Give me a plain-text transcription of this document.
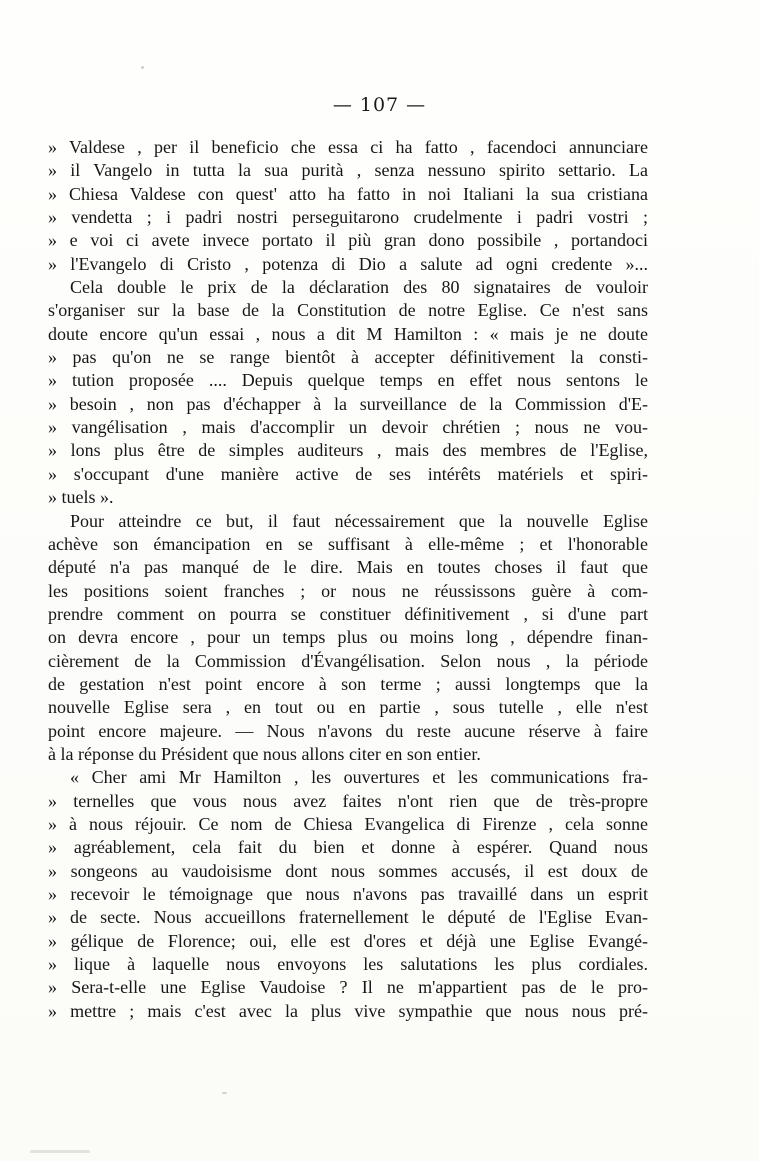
— 107 —
» Valdese , per il beneficio che essa ci ha fatto , facendoci annunciare
» il Vangelo in tutta la sua purità , senza nessuno spirito settario. La
» Chiesa Valdese con quest' atto ha fatto in noi Italiani la sua cristiana
» vendetta ; i padri nostri perseguitarono crudelmente i padri vostri ;
» e voi ci avete invece portato il più gran dono possibile , portandoci
» l'Evangelo di Cristo , potenza di Dio a salute ad ogni credente »...
Cela double le prix de la déclaration des 80 signataires de vouloir
s'organiser sur la base de la Constitution de notre Eglise. Ce n'est sans
doute encore qu'un essai , nous a dit M Hamilton : « mais je ne doute
» pas qu'on ne se range bientôt à accepter définitivement la consti-
» tution proposée .... Depuis quelque temps en effet nous sentons le
» besoin , non pas d'échapper à la surveillance de la Commission d'E-
» vangélisation , mais d'accomplir un devoir chrétien ; nous ne vou-
» lons plus être de simples auditeurs , mais des membres de l'Eglise,
» s'occupant d'une manière active de ses intérêts matériels et spiri-
» tuels ».
Pour atteindre ce but, il faut nécessairement que la nouvelle Eglise
achève son émancipation en se suffisant à elle-même ; et l'honorable
député n'a pas manqué de le dire. Mais en toutes choses il faut que
les positions soient franches ; or nous ne réussissons guère à com-
prendre comment on pourra se constituer définitivement , si d'une part
on devra encore , pour un temps plus ou moins long , dépendre finan-
cièrement de la Commission d'Évangélisation. Selon nous , la période
de gestation n'est point encore à son terme ; aussi longtemps que la
nouvelle Eglise sera , en tout ou en partie , sous tutelle , elle n'est
point encore majeure. — Nous n'avons du reste aucune réserve à faire
à la réponse du Président que nous allons citer en son entier.
« Cher ami Mr Hamilton , les ouvertures et les communications fra-
» ternelles que vous nous avez faites n'ont rien que de très-propre
» à nous réjouir. Ce nom de Chiesa Evangelica di Firenze , cela sonne
» agréablement, cela fait du bien et donne à espérer. Quand nous
» songeons au vaudoisisme dont nous sommes accusés, il est doux de
» recevoir le témoignage que nous n'avons pas travaillé dans un esprit
» de secte. Nous accueillons fraternellement le député de l'Eglise Evan-
» gélique de Florence; oui, elle est d'ores et déjà une Eglise Evangé-
» lique à laquelle nous envoyons les salutations les plus cordiales.
» Sera-t-elle une Eglise Vaudoise ? Il ne m'appartient pas de le pro-
» mettre ; mais c'est avec la plus vive sympathie que nous nous pré-
